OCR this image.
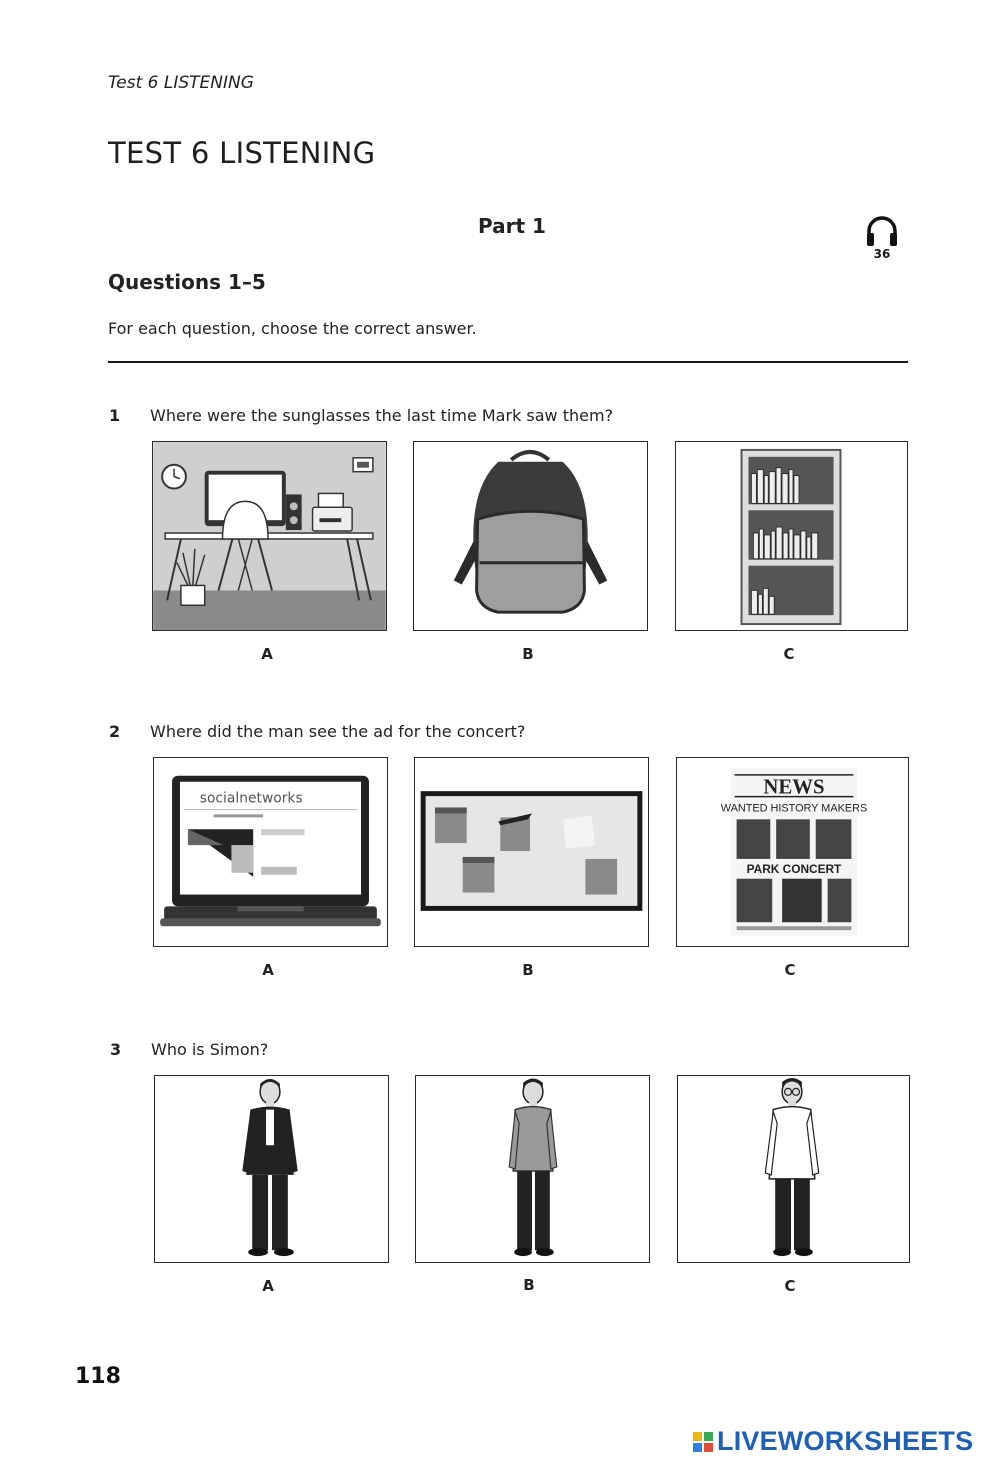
Test 6 LISTENING
TEST 6 LISTENING
Part 1
36
Questions 1–5
For each question, choose the correct answer.
1 Where were the sunglasses the last time Mark saw them?
A	B	C
2 Where did the man see the ad for the concert?
socialnetworks	NEWS
WANTED HISTORY MAKERS
PARK CONCERT
A	B	C
3 Who is Simon?
A	B	C
118
LIVEWORKSHEETS
